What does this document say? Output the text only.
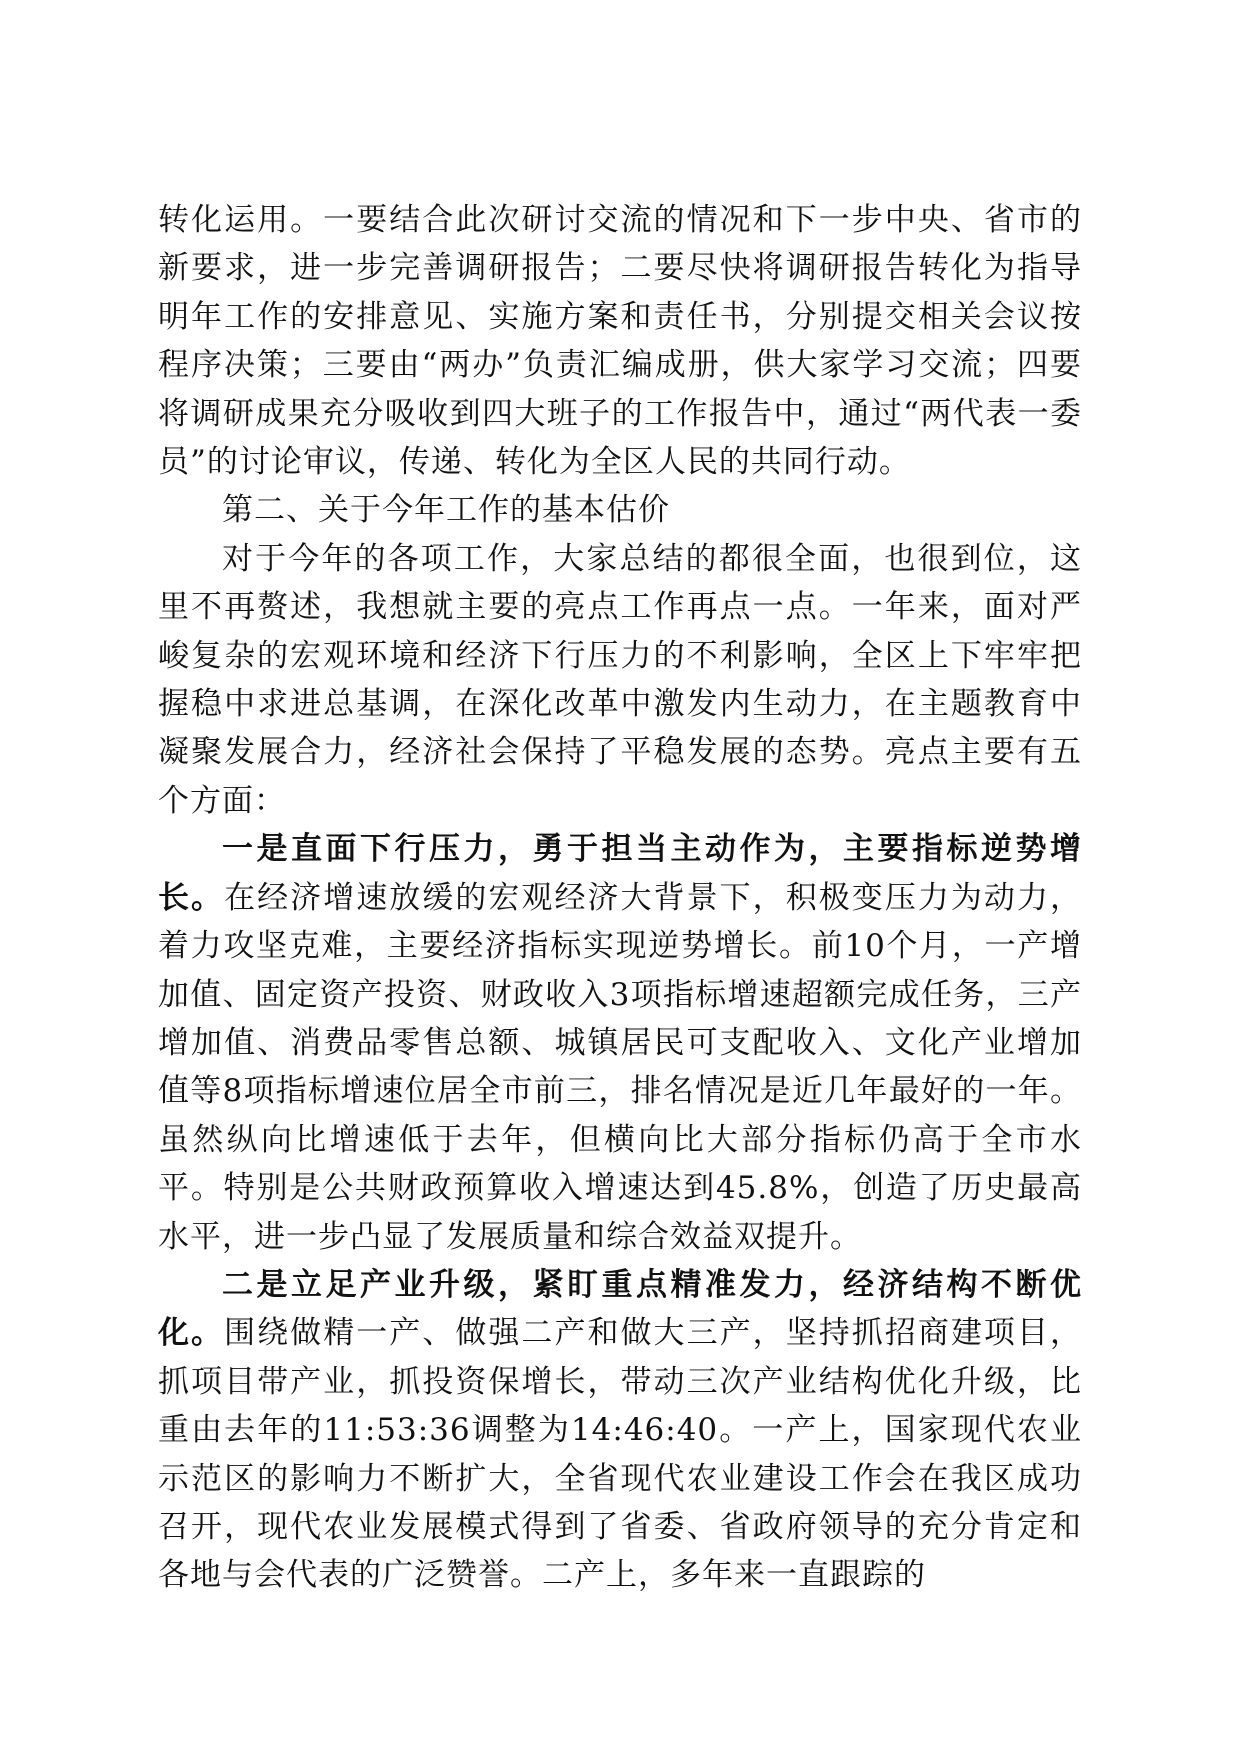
转化运用。一要结合此次研讨交流的情况和下一步中央、省市的新要求，进一步完善调研报告；二要尽快将调研报告转化为指导明年工作的安排意见、实施方案和责任书，分别提交相关会议按程序决策；三要由“两办”负责汇编成册，供大家学习交流；四要将调研成果充分吸收到四大班子的工作报告中，通过“两代表一委员”的讨论审议，传递、转化为全区人民的共同行动。

第二、关于今年工作的基本估价

对于今年的各项工作，大家总结的都很全面，也很到位，这里不再赘述，我想就主要的亮点工作再点一点。一年来，面对严峻复杂的宏观环境和经济下行压力的不利影响，全区上下牢牢把握稳中求进总基调，在深化改革中激发内生动力，在主题教育中凝聚发展合力，经济社会保持了平稳发展的态势。亮点主要有五个方面：

一是直面下行压力，勇于担当主动作为，主要指标逆势增长。在经济增速放缓的宏观经济大背景下，积极变压力为动力，着力攻坚克难，主要经济指标实现逆势增长。前10个月，一产增加值、固定资产投资、财政收入3项指标增速超额完成任务，三产增加值、消费品零售总额、城镇居民可支配收入、文化产业增加值等8项指标增速位居全市前三，排名情况是近几年最好的一年。虽然纵向比增速低于去年，但横向比大部分指标仍高于全市水平。特别是公共财政预算收入增速达到45.8%，创造了历史最高水平，进一步凸显了发展质量和综合效益双提升。

二是立足产业升级，紧盯重点精准发力，经济结构不断优化。围绕做精一产、做强二产和做大三产，坚持抓招商建项目，抓项目带产业，抓投资保增长，带动三次产业结构优化升级，比重由去年的11:53:36调整为14:46:40。一产上，国家现代农业示范区的影响力不断扩大，全省现代农业建设工作会在我区成功召开，现代农业发展模式得到了省委、省政府领导的充分肯定和各地与会代表的广泛赞誉。二产上，多年来一直跟踪的
